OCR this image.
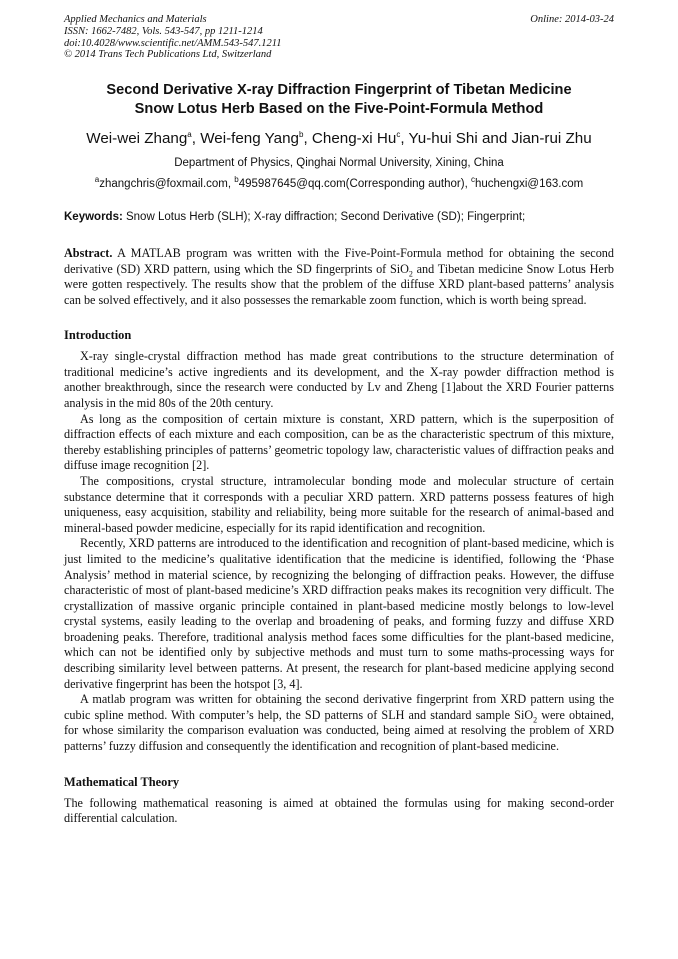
Applied Mechanics and Materials
ISSN: 1662-7482, Vols. 543-547, pp 1211-1214
doi:10.4028/www.scientific.net/AMM.543-547.1211
© 2014 Trans Tech Publications Ltd, Switzerland
Online: 2014-03-24
Second Derivative X-ray Diffraction Fingerprint of Tibetan Medicine
Snow Lotus Herb Based on the Five-Point-Formula Method
Wei-wei Zhang$^a$, Wei-feng Yang$^b$, Cheng-xi Hu$^c$, Yu-hui Shi and Jian-rui Zhu
Department of Physics, Qinghai Normal University, Xining, China
$^a$zhangchris@foxmail.com, $^b$495987645@qq.com(Corresponding author), $^c$huchengxi@163.com
Keywords: Snow Lotus Herb (SLH); X-ray diffraction; Second Derivative (SD); Fingerprint;
Abstract. A MATLAB program was written with the Five-Point-Formula method for obtaining the second derivative (SD) XRD pattern, using which the SD fingerprints of SiO$_2$ and Tibetan medicine Snow Lotus Herb were gotten respectively. The results show that the problem of the diffuse XRD plant-based patterns’ analysis can be solved effectively, and it also possesses the remarkable zoom function, which is worth being spread.
Introduction

X-ray single-crystal diffraction method has made great contributions to the structure determination of traditional medicine’s active ingredients and its development, and the X-ray powder diffraction method is another breakthrough, since the research were conducted by Lv and Zheng [1]about the XRD Fourier patterns analysis in the mid 80s of the 20th century.

As long as the composition of certain mixture is constant, XRD pattern, which is the superposition of diffraction effects of each mixture and each composition, can be as the characteristic spectrum of this mixture, thereby establishing principles of patterns’ geometric topology law, characteristic values of diffraction peaks and diffuse image recognition [2].

The compositions, crystal structure, intramolecular bonding mode and molecular structure of certain substance determine that it corresponds with a peculiar XRD pattern. XRD patterns possess features of high uniqueness, easy acquisition, stability and reliability, being more suitable for the research of animal-based and mineral-based powder medicine, especially for its rapid identification and recognition.

Recently, XRD patterns are introduced to the identification and recognition of plant-based medicine, which is just limited to the medicine’s qualitative identification that the medicine is identified, following the ‘Phase Analysis’ method in material science, by recognizing the belonging of diffraction peaks. However, the diffuse characteristic of most of plant-based medicine’s XRD diffraction peaks makes its recognition very difficult. The crystallization of massive organic principle contained in plant-based medicine mostly belongs to low-level crystal systems, easily leading to the overlap and broadening of peaks, and forming fuzzy and diffuse XRD broadening peaks. Therefore, traditional analysis method faces some difficulties for the plant-based medicine, which can not be identified only by subjective methods and must turn to some maths-processing ways for describing similarity level between patterns. At present, the research for plant-based medicine applying second derivative fingerprint has been the hotspot [3, 4].

A matlab program was written for obtaining the second derivative fingerprint from XRD pattern using the cubic spline method. With computer’s help, the SD patterns of SLH and standard sample SiO$_2$ were obtained, for whose similarity the comparison evaluation was conducted, being aimed at resolving the problem of XRD patterns’ fuzzy diffusion and consequently the identification and recognition of plant-based medicine.

Mathematical Theory

The following mathematical reasoning is aimed at obtained the formulas using for making second-order differential calculation.
